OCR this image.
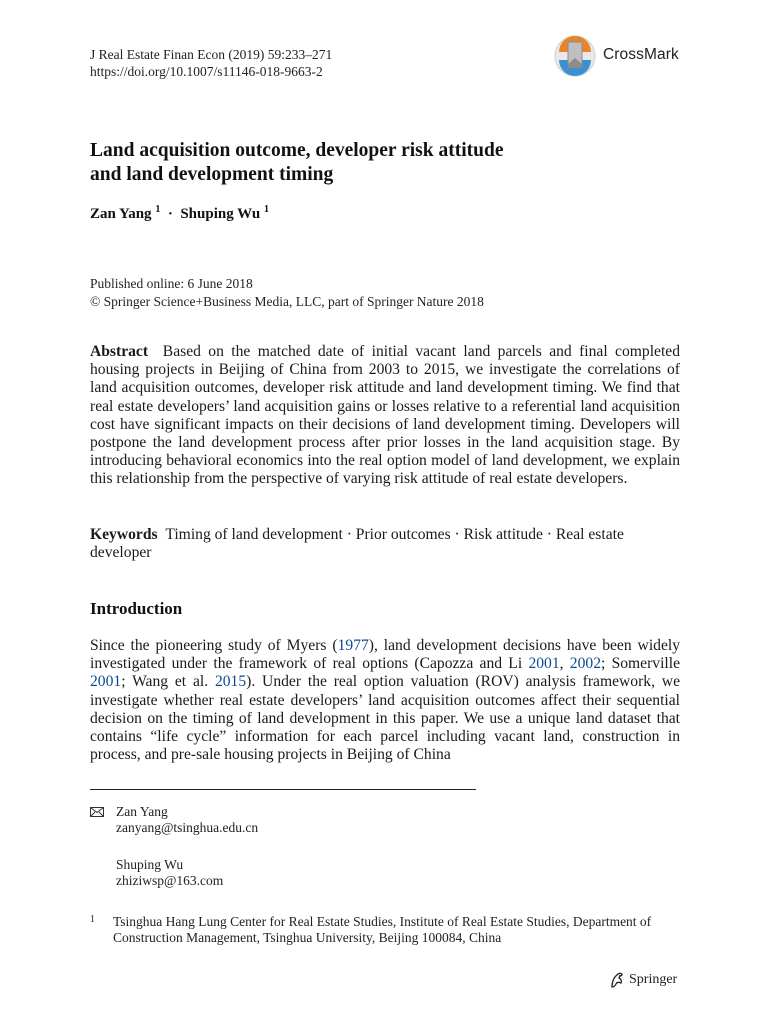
J Real Estate Finan Econ (2019) 59:233–271
https://doi.org/10.1007/s11146-018-9663-2
CrossMark
Land acquisition outcome, developer risk attitude
and land development timing
Zan Yang $^1$  ·  Shuping Wu $^1$
Published online: 6 June 2018
© Springer Science+Business Media, LLC, part of Springer Nature 2018
Abstract Based on the matched date of initial vacant land parcels and final completed housing projects in Beijing of China from 2003 to 2015, we investigate the correlations of land acquisition outcomes, developer risk attitude and land development timing. We find that real estate developers’ land acquisition gains or losses relative to a referential land acquisition cost have significant impacts on their decisions of land development timing. Developers will postpone the land development process after prior losses in the land acquisition stage. By introducing behavioral economics into the real option model of land development, we explain this relationship from the perspective of varying risk attitude of real estate developers.
Keywords Timing of land development · Prior outcomes · Risk attitude · Real estate developer
Introduction
Since the pioneering study of Myers (1977), land development decisions have been widely investigated under the framework of real options (Capozza and Li 2001, 2002; Somerville 2001; Wang et al. 2015). Under the real option valuation (ROV) analysis framework, we investigate whether real estate developers’ land acquisition outcomes affect their sequential decision on the timing of land development in this paper. We use a unique land dataset that contains “life cycle” information for each parcel including vacant land, construction in process, and pre-sale housing projects in Beijing of China
Zan Yang
zanyang@tsinghua.edu.cn
Shuping Wu
zhiziwsp@163.com
1 Tsinghua Hang Lung Center for Real Estate Studies, Institute of Real Estate Studies, Department of Construction Management, Tsinghua University, Beijing 100084, China
Springer
